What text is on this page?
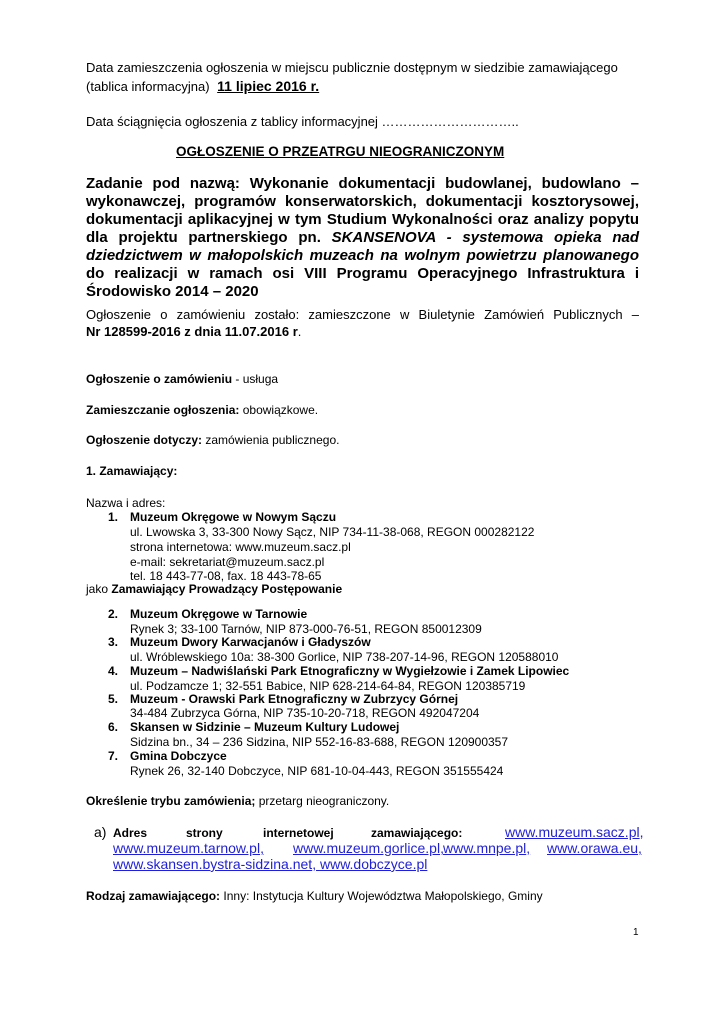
Data zamieszczenia ogłoszenia w miejscu publicznie dostępnym w siedzibie zamawiającego
(tablica informacyjna) 11 lipiec 2016 r.
Data ściągnięcia ogłoszenia z tablicy informacyjnej …………………………..
OGŁOSZENIE O PRZEATRGU NIEOGRANICZONYM
Zadanie pod nazwą: Wykonanie dokumentacji budowlanej, budowlano – wykonawczej, programów konserwatorskich, dokumentacji kosztorysowej, dokumentacji aplikacyjnej w tym Studium Wykonalności oraz analizy popytu dla projektu partnerskiego pn. SKANSENOVA - systemowa opieka nad dziedzictwem w małopolskich muzeach na wolnym powietrzu planowanego do realizacji w ramach osi VIII Programu Operacyjnego Infrastruktura i Środowisko 2014 – 2020
Ogłoszenie o zamówieniu zostało: zamieszczone w Biuletynie Zamówień Publicznych –
Nr 128599-2016 z dnia 11.07.2016 r.
Ogłoszenie o zamówieniu - usługa
Zamieszczanie ogłoszenia: obowiązkowe.
Ogłoszenie dotyczy: zamówienia publicznego.
1. Zamawiający:
Nazwa i adres:
1. Muzeum Okręgowe w Nowym Sączu
ul. Lwowska 3, 33-300 Nowy Sącz, NIP 734-11-38-068, REGON 000282122
strona internetowa: www.muzeum.sacz.pl
e-mail: sekretariat@muzeum.sacz.pl
tel. 18 443-77-08, fax. 18 443-78-65
jako Zamawiający Prowadzący Postępowanie
2. Muzeum Okręgowe w Tarnowie
Rynek 3; 33-100 Tarnów, NIP 873-000-76-51, REGON 850012309
3. Muzeum Dwory Karwacjanów i Gładyszów
ul. Wróblewskiego 10a: 38-300 Gorlice, NIP 738-207-14-96, REGON 120588010
4. Muzeum – Nadwiślański Park Etnograficzny w Wygiełzowie i Zamek Lipowiec
ul. Podzamcze 1; 32-551 Babice, NIP 628-214-64-84, REGON 120385719
5. Muzeum - Orawski Park Etnograficzny w Zubrzycy Górnej
34-484 Zubrzyca Górna, NIP 735-10-20-718, REGON 492047204
6. Skansen w Sidzinie – Muzeum Kultury Ludowej
Sidzina bn., 34 – 236 Sidzina, NIP 552-16-83-688, REGON 120900357
7. Gmina Dobczyce
Rynek 26, 32-140 Dobczyce, NIP 681-10-04-443, REGON 351555424
Określenie trybu zamówienia; przetarg nieograniczony.
a) Adres	strony	internetowej	zamawiającego:	www.muzeum.sacz.pl,
www.muzeum.tarnow.pl, www.muzeum.gorlice.pl, www.mnpe.pl, www.orawa.eu,
www.skansen.bystra-sidzina.net, www.dobczyce.pl
Rodzaj zamawiającego: Inny: Instytucja Kultury Województwa Małopolskiego, Gminy
1
